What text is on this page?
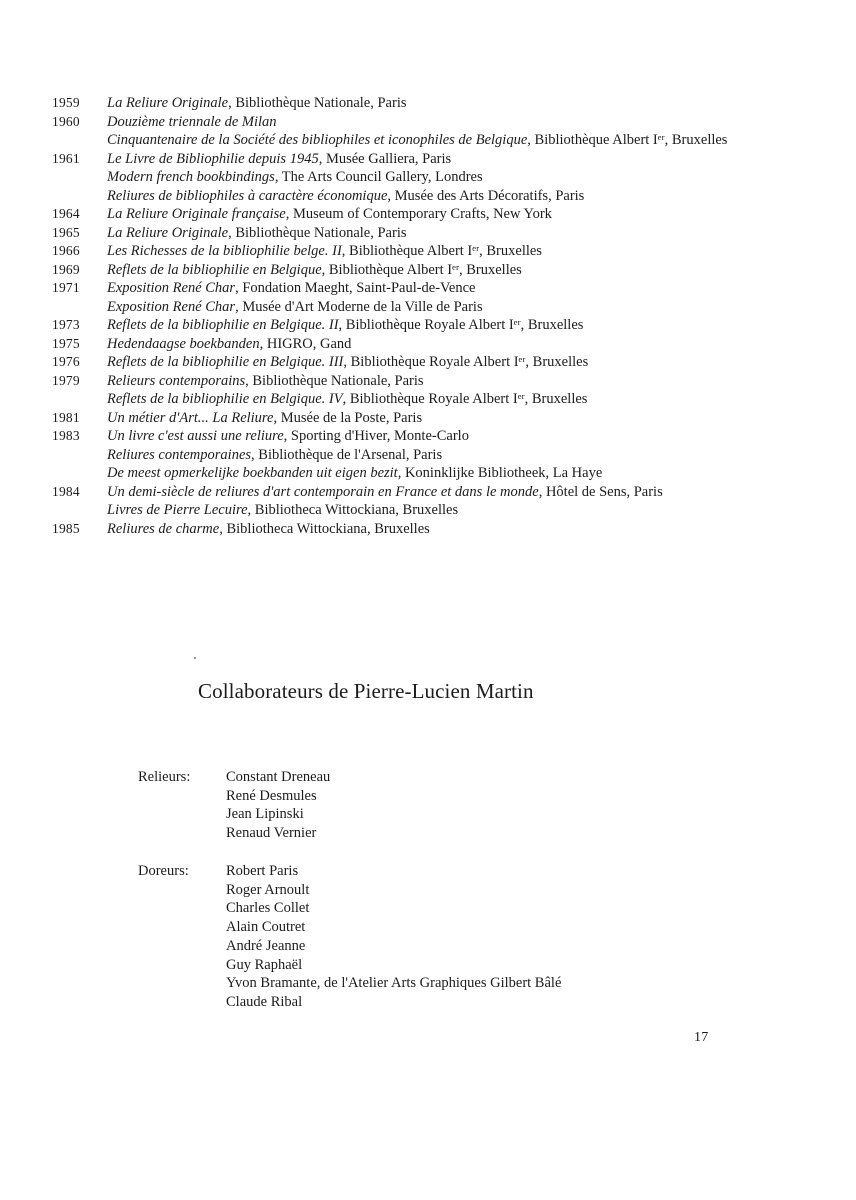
1959	La Reliure Originale, Bibliothèque Nationale, Paris
1960	Douzième triennale de Milan
Cinquantenaire de la Société des bibliophiles et iconophiles de Belgique, Bibliothèque Albert Iᵉʳ, Bruxelles
1961	Le Livre de Bibliophilie depuis 1945, Musée Galliera, Paris
Modern french bookbindings, The Arts Council Gallery, Londres
Reliures de bibliophiles à caractère économique, Musée des Arts Décoratifs, Paris
1964	La Reliure Originale française, Museum of Contemporary Crafts, New York
1965	La Reliure Originale, Bibliothèque Nationale, Paris
1966	Les Richesses de la bibliophilie belge. II, Bibliothèque Albert Iᵉʳ, Bruxelles
1969	Reflets de la bibliophilie en Belgique, Bibliothèque Albert Iᵉʳ, Bruxelles
1971	Exposition René Char, Fondation Maeght, Saint-Paul-de-Vence
Exposition René Char, Musée d'Art Moderne de la Ville de Paris
1973	Reflets de la bibliophilie en Belgique. II, Bibliothèque Royale Albert Iᵉʳ, Bruxelles
1975	Hedendaagse boekbanden, HIGRO, Gand
1976	Reflets de la bibliophilie en Belgique. III, Bibliothèque Royale Albert Iᵉʳ, Bruxelles
1979	Relieurs contemporains, Bibliothèque Nationale, Paris
Reflets de la bibliophilie en Belgique. IV, Bibliothèque Royale Albert Iᵉʳ, Bruxelles
1981	Un métier d'Art... La Reliure, Musée de la Poste, Paris
1983	Un livre c'est aussi une reliure, Sporting d'Hiver, Monte-Carlo
Reliures contemporaines, Bibliothèque de l'Arsenal, Paris
De meest opmerkelijke boekbanden uit eigen bezit, Koninklijke Bibliotheek, La Haye
1984	Un demi-siècle de reliures d'art contemporain en France et dans le monde, Hôtel de Sens, Paris
Livres de Pierre Lecuire, Bibliotheca Wittockiana, Bruxelles
1985	Reliures de charme, Bibliotheca Wittockiana, Bruxelles
Collaborateurs de Pierre-Lucien Martin
Relieurs:	Constant Dreneau
René Desmules
Jean Lipinski
Renaud Vernier
Doreurs:	Robert Paris
Roger Arnoult
Charles Collet
Alain Coutret
André Jeanne
Guy Raphaël
Yvon Bramante, de l'Atelier Arts Graphiques Gilbert Bâlé
Claude Ribal
17
